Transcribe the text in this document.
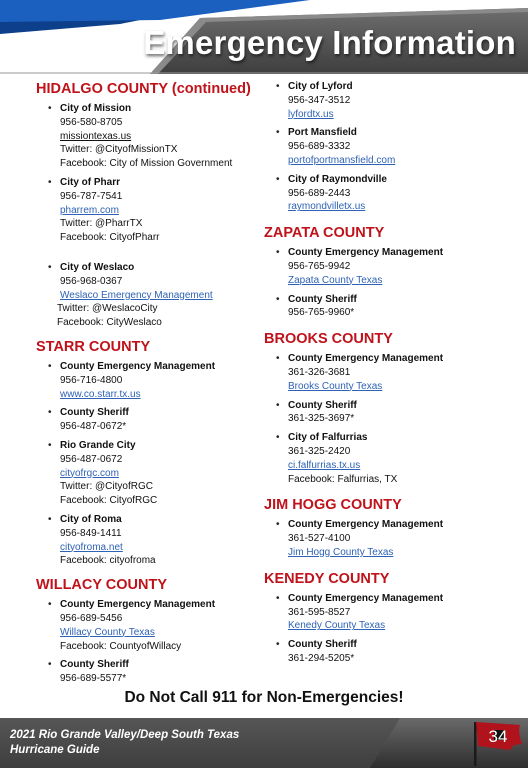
Emergency Information
HIDALGO COUNTY (continued)
• City of Mission
956-580-8705
missiontexas.us
Twitter: @CityofMissionTX
Facebook: City of Mission Government
• City of Pharr
956-787-7541
pharrem.com
Twitter: @PharrTX
Facebook: CityofPharr
• City of Weslaco
956-968-0367
Weslaco Emergency Management
Twitter: @WeslacoCity
Facebook: CityWeslaco
STARR COUNTY
• County Emergency Management
956-716-4800
www.co.starr.tx.us
• County Sheriff
956-487-0672*
• Rio Grande City
956-487-0672
cityofrgc.com
Twitter: @CityofRGC
Facebook: CityofRGC
• City of Roma
956-849-1411
cityofroma.net
Facebook: cityofroma
WILLACY COUNTY
• County Emergency Management
956-689-5456
Willacy County Texas
Facebook: CountyofWillacy
• County Sheriff
956-689-5577*
• City of Lyford
956-347-3512
lyfordtx.us
• Port Mansfield
956-689-3332
portofportmansfield.com
• City of Raymondville
956-689-2443
raymondvilletx.us
ZAPATA COUNTY
• County Emergency Management
956-765-9942
Zapata County Texas
• County Sheriff
956-765-9960*
BROOKS COUNTY
• County Emergency Management
361-326-3681
Brooks County Texas
• County Sheriff
361-325-3697*
• City of Falfurrias
361-325-2420
ci.falfurrias.tx.us
Facebook: Falfurrias, TX
JIM HOGG COUNTY
• County Emergency Management
361-527-4100
Jim Hogg County Texas
KENEDY COUNTY
• County Emergency Management
361-595-8527
Kenedy County Texas
• County Sheriff
361-294-5205*
Do Not Call 911 for Non-Emergencies!
2021 Rio Grande Valley/Deep South Texas
Hurricane Guide
34
